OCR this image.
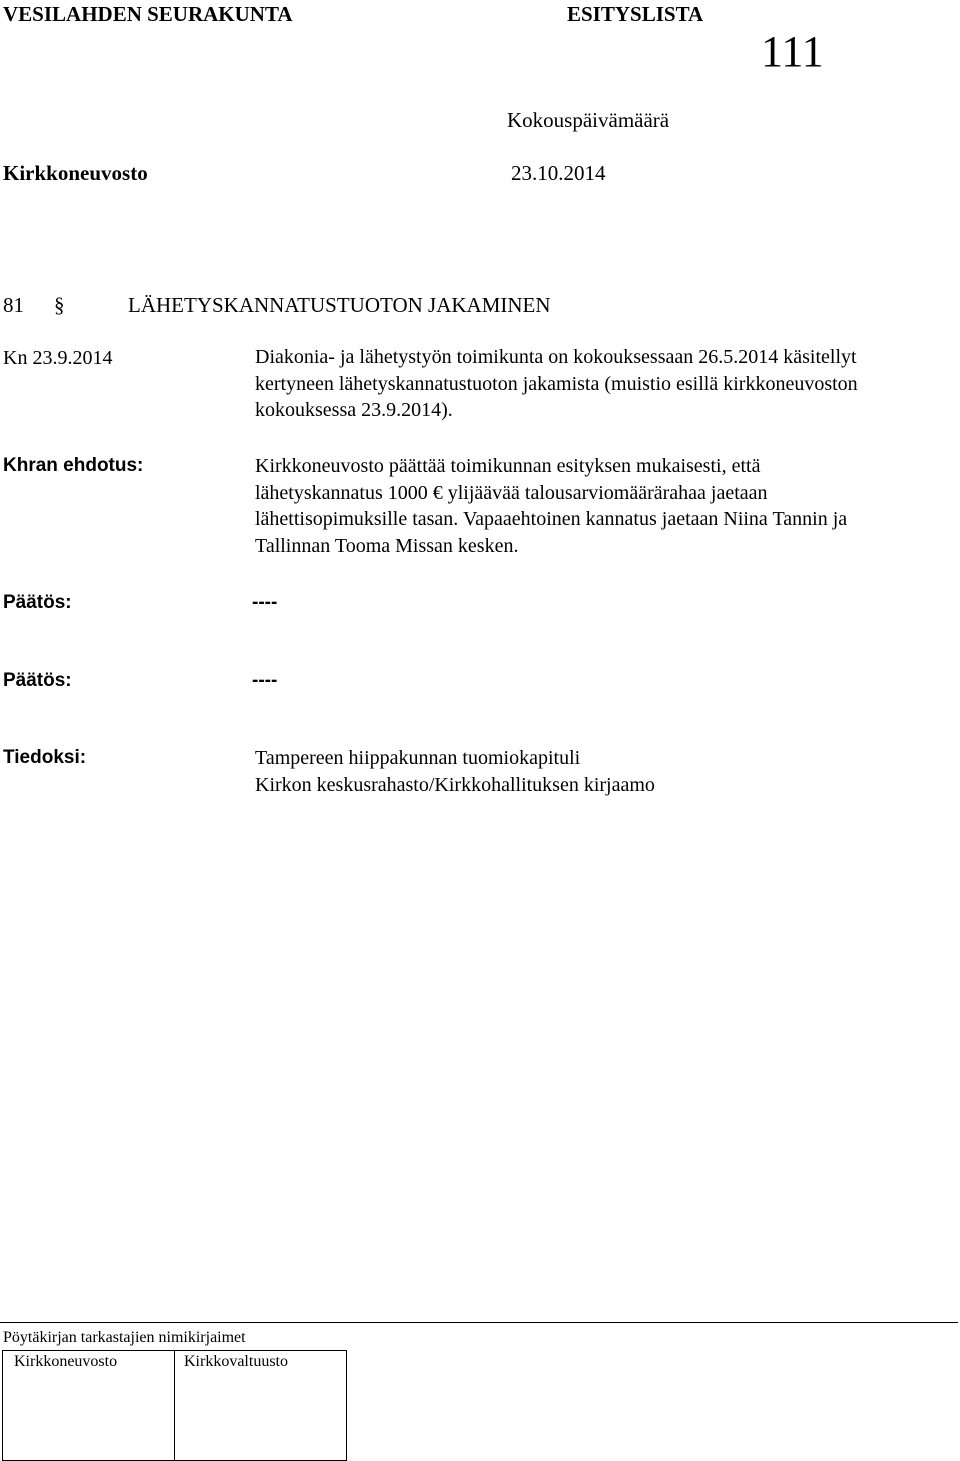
VESILAHDEN SEURAKUNTA	ESITYSLISTA
111
Kokouspäivämäärä
Kirkkoneuvosto	23.10.2014
81 §	LÄHETYSKANNATUSTUOTON JAKAMINEN
Kn 23.9.2014	Diakonia- ja lähetystyön toimikunta on kokouksessaan 26.5.2014 käsitellyt
kertyneen lähetyskannatustuoton jakamista (muistio esillä kirkkoneuvoston
kokouksessa 23.9.2014).
Khran ehdotus:	Kirkkoneuvosto päättää toimikunnan esityksen mukaisesti, että
lähetyskannatus 1000 € ylijäävää talousarviomäärärahaa jaetaan
lähettisopimuksille tasan. Vapaaehtoinen kannatus jaetaan Niina Tannin ja
Tallinnan Tooma Missan kesken.
Päätös:	----
Päätös:	----
Tiedoksi:	Tampereen hiippakunnan tuomiokapituli
Kirkon keskusrahasto/Kirkkohallituksen kirjaamo
Pöytäkirjan tarkastajien nimikirjaimet
Kirkkoneuvosto	Kirkkovaltuusto
